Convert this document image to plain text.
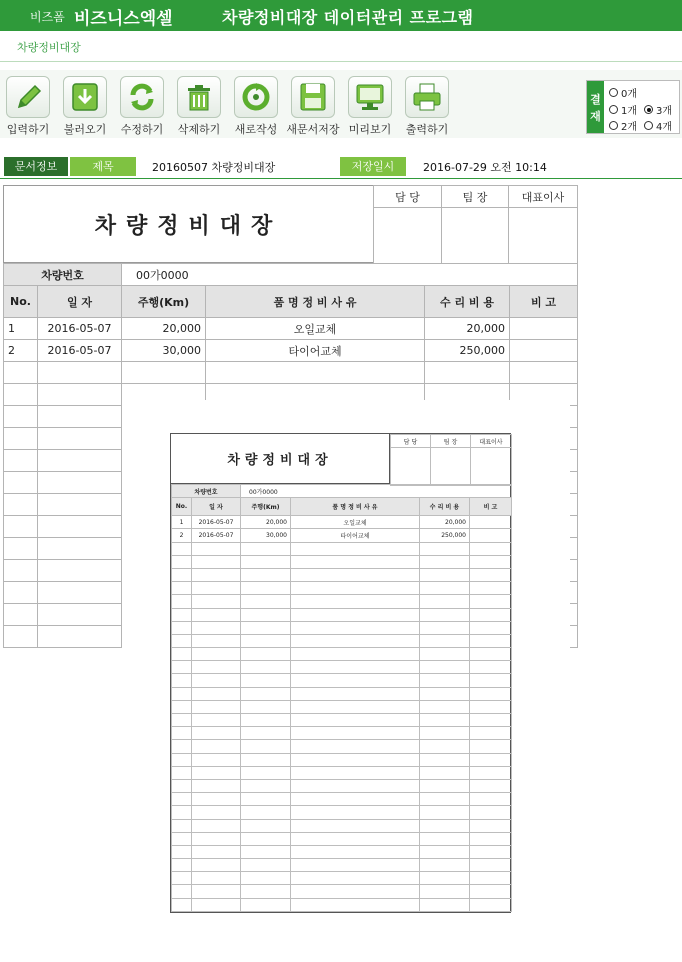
비즈폼 비즈니스엑셀	차량정비대장 데이터관리 프로그램
차량정비대장
입력하기	불러오기	수정하기	삭제하기	새로작성 새문서저장 미리보기	출력하기
결재
0개
1개 3개
2개 4개
문서정보	제목	20160507 차량정비대장	저장일시	2016-07-29 오전 10:14
차량정비대장
담 당	팀 장	대표이사

차량번호		00가0000			
No.	일 자	주행(Km)	품 명 정 비 사 유	수 리 비 용	비 고
1	2016-05-07	20,000	오일교체	20,000	
2	2016-05-07	30,000	타이어교체	250,000	

차량정비대장
담 당	팀 장	대표이사

차량번호		00가0000			
No.	일 자	주행(Km)	품 명 정 비 사 유	수 리 비 용	비 고
1	2016-05-07	20,000	오일교체	20,000	
2	2016-05-07	30,000	타이어교체	250,000	
